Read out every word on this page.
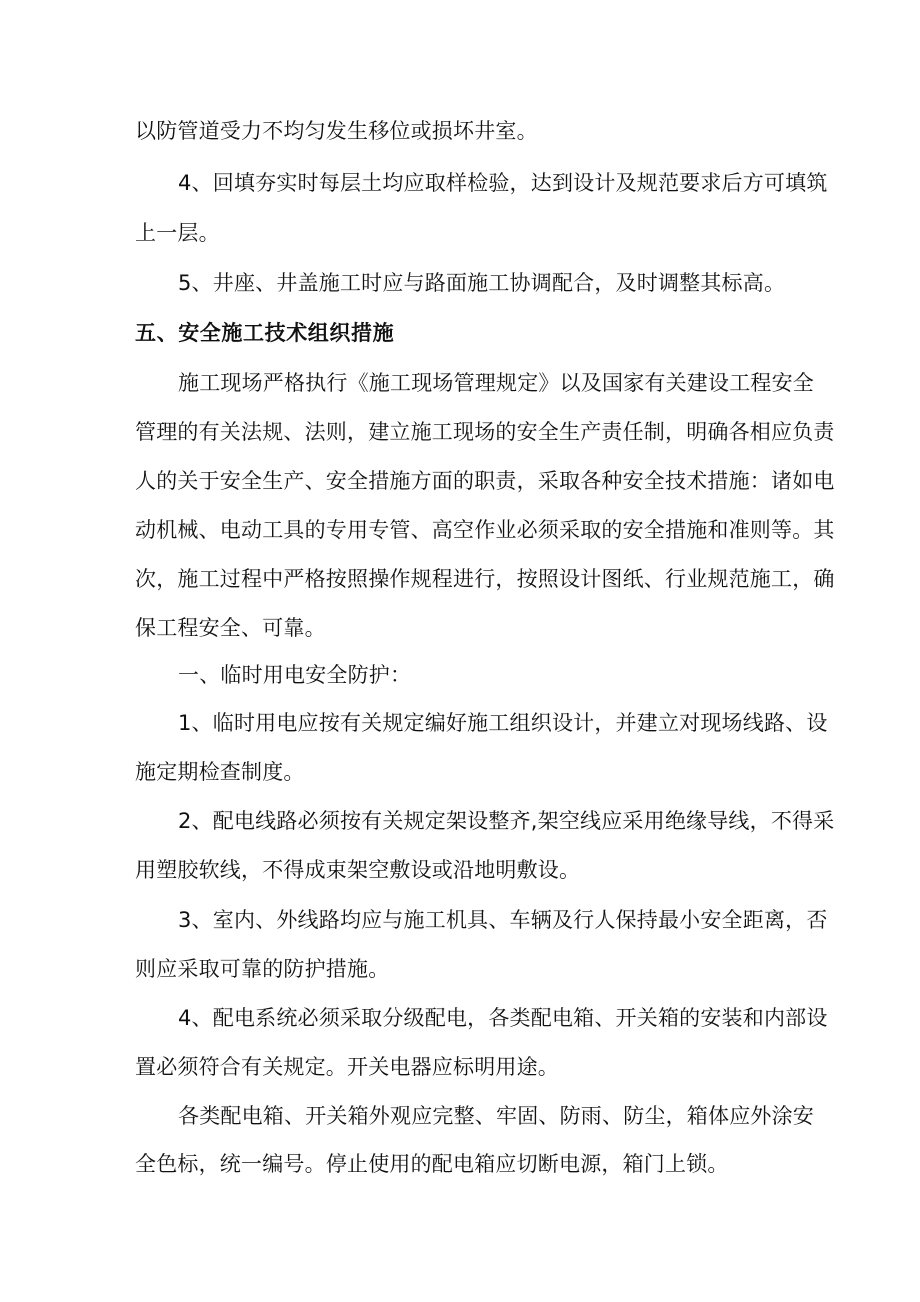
以防管道受力不均匀发生移位或损坏井室。
4、回填夯实时每层土均应取样检验，达到设计及规范要求后方可填筑
上一层。
5、井座、井盖施工时应与路面施工协调配合，及时调整其标高。
五、安全施工技术组织措施
施工现场严格执行《施工现场管理规定》以及国家有关建设工程安全
管理的有关法规、法则，建立施工现场的安全生产责任制，明确各相应负责
人的关于安全生产、安全措施方面的职责，采取各种安全技术措施：诸如电
动机械、电动工具的专用专管、高空作业必须采取的安全措施和准则等。其
次，施工过程中严格按照操作规程进行，按照设计图纸、行业规范施工，确
保工程安全、可靠。
一、临时用电安全防护：
1、临时用电应按有关规定编好施工组织设计，并建立对现场线路、设
施定期检查制度。
2、配电线路必须按有关规定架设整齐,架空线应采用绝缘导线，不得采
用塑胶软线，不得成束架空敷设或沿地明敷设。
3、室内、外线路均应与施工机具、车辆及行人保持最小安全距离，否
则应采取可靠的防护措施。
4、配电系统必须采取分级配电，各类配电箱、开关箱的安装和内部设
置必须符合有关规定。开关电器应标明用途。
各类配电箱、开关箱外观应完整、牢固、防雨、防尘，箱体应外涂安
全色标，统一编号。停止使用的配电箱应切断电源，箱门上锁。
